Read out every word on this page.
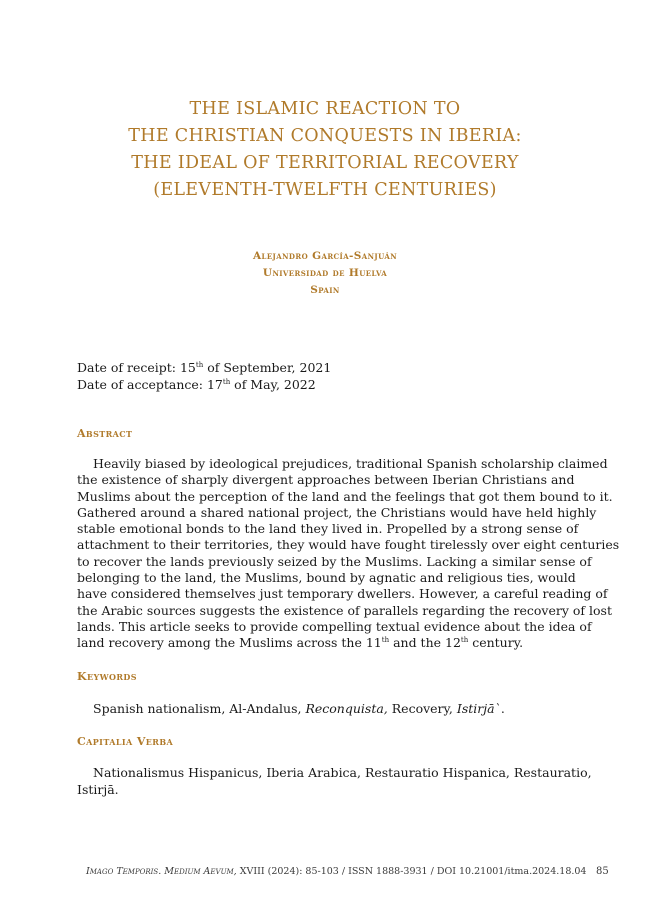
THE ISLAMIC REACTION TO
THE CHRISTIAN CONQUESTS IN IBERIA:
THE IDEAL OF TERRITORIAL RECOVERY
(ELEVENTH-TWELFTH CENTURIES)
Alejandro García-Sanjuán
Universidad de Huelva
Spain
Date of receipt: 15th of September, 2021
Date of acceptance: 17th of May, 2022
Abstract
Heavily biased by ideological prejudices, traditional Spanish scholarship claimed
the existence of sharply divergent approaches between Iberian Christians and
Muslims about the perception of the land and the feelings that got them bound to it.
Gathered around a shared national project, the Christians would have held highly
stable emotional bonds to the land they lived in. Propelled by a strong sense of
attachment to their territories, they would have fought tirelessly over eight centuries
to recover the lands previously seized by the Muslims. Lacking a similar sense of
belonging to the land, the Muslims, bound by agnatic and religious ties, would
have considered themselves just temporary dwellers. However, a careful reading of
the Arabic sources suggests the existence of parallels regarding the recovery of lost
lands. This article seeks to provide compelling textual evidence about the idea of
land recovery among the Muslims across the 11th and the 12th century.
Keywords
Spanish nationalism, Al-Andalus, Reconquista, Recovery, Istirjā`.
Capitalia Verba
Nationalismus Hispanicus, Iberia Arabica, Restauratio Hispanica, Restauratio,
Istirjā.
Imago Temporis. Medium Aevum, XVIII (2024): 85-103 / ISSN 1888-3931 / DOI 10.21001/itma.2024.18.04 85
